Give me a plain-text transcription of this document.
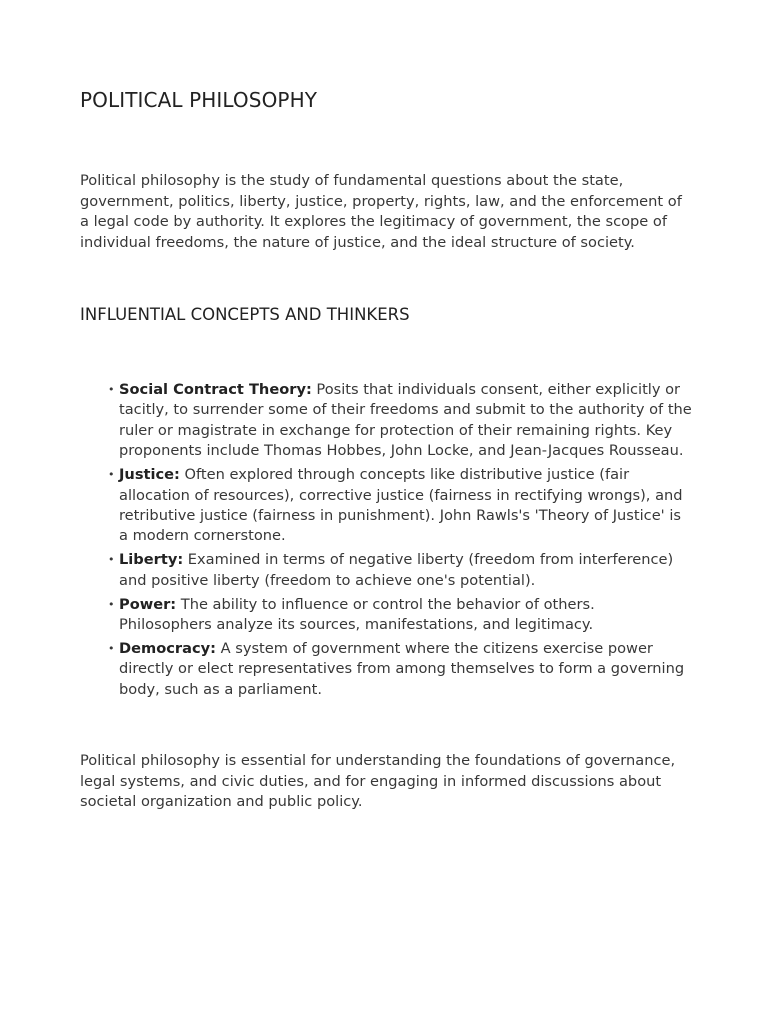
POLITICAL PHILOSOPHY

Political philosophy is the study of fundamental questions about the state, government, politics, liberty, justice, property, rights, law, and the enforcement of a legal code by authority. It explores the legitimacy of government, the scope of individual freedoms, the nature of justice, and the ideal structure of society.

INFLUENTIAL CONCEPTS AND THINKERS
• Social Contract Theory: Posits that individuals consent, either explicitly or tacitly, to surrender some of their freedoms and submit to the authority of the ruler or magistrate in exchange for protection of their remaining rights. Key proponents include Thomas Hobbes, John Locke, and Jean-Jacques Rousseau.
• Justice: Often explored through concepts like distributive justice (fair allocation of resources), corrective justice (fairness in rectifying wrongs), and retributive justice (fairness in punishment). John Rawls's 'Theory of Justice' is a modern cornerstone.
• Liberty: Examined in terms of negative liberty (freedom from interference) and positive liberty (freedom to achieve one's potential).
• Power: The ability to influence or control the behavior of others. Philosophers analyze its sources, manifestations, and legitimacy.
• Democracy: A system of government where the citizens exercise power directly or elect representatives from among themselves to form a governing body, such as a parliament.

Political philosophy is essential for understanding the foundations of governance, legal systems, and civic duties, and for engaging in informed discussions about societal organization and public policy.
